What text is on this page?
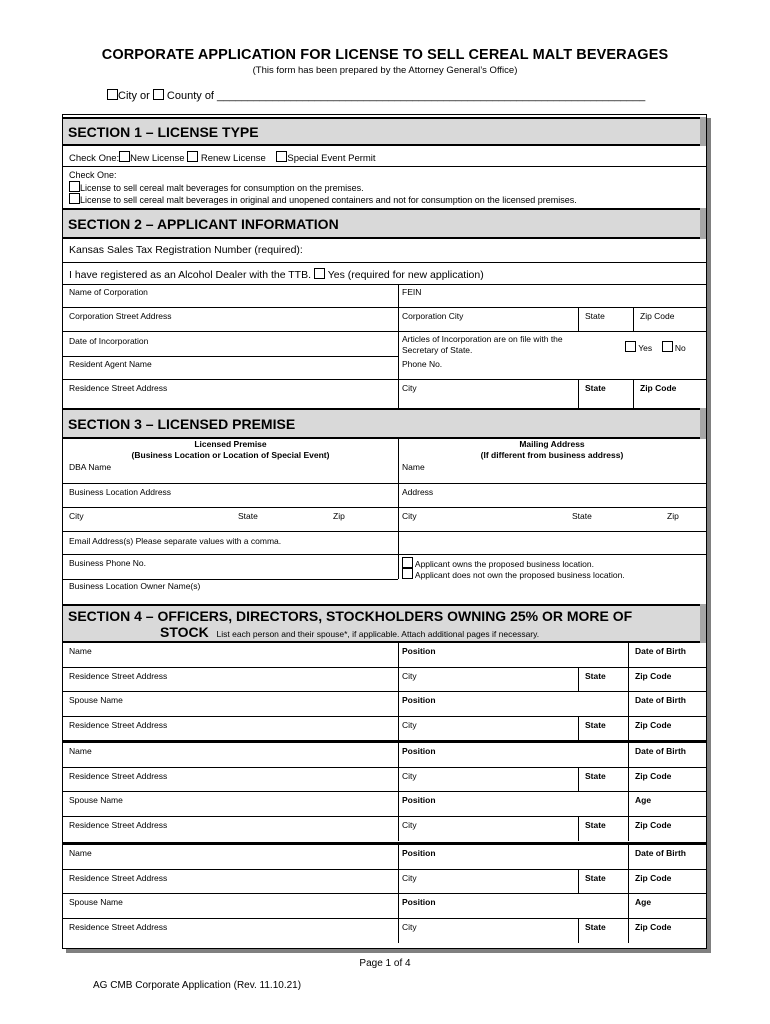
CORPORATE APPLICATION FOR LICENSE TO SELL CEREAL MALT BEVERAGES
(This form has been prepared by the Attorney General’s Office)
City or County of ______________________________________________________________________
SECTION 1 – LICENSE TYPE
Check One: New License Renew License Special Event Permit
Check One:
License to sell cereal malt beverages for consumption on the premises.
License to sell cereal malt beverages in original and unopened containers and not for consumption on the licensed premises.
SECTION 2 – APPLICANT INFORMATION
Kansas Sales Tax Registration Number (required):
I have registered as an Alcohol Dealer with the TTB. Yes (required for new application)
Name of Corporation	FEIN
Corporation Street Address	Corporation City	State	Zip Code
Date of Incorporation	Articles of Incorporation are on file with the
Secretary of State.	Yes	No
Resident Agent Name	Phone No.
Residence Street Address	City	State	Zip Code
SECTION 3 – LICENSED PREMISE
Licensed Premise
(Business Location or Location of Special Event)
Mailing Address
(If different from business address)
DBA Name	Name
Business Location Address	Address
City	State	Zip	City	State	Zip
Email Address(s) Please separate values with a comma.
Business Phone No.	Applicant owns the proposed business location.
Applicant does not own the proposed business location.
Business Location Owner Name(s)
SECTION 4 – OFFICERS, DIRECTORS, STOCKHOLDERS OWNING 25% OR MORE OF
STOCK List each person and their spouse*, if applicable. Attach additional pages if necessary.
Name	Position	Date of Birth
Residence Street Address	City	State	Zip Code
Spouse Name	Position	Date of Birth
Residence Street Address	City	State	Zip Code
Name	Position	Date of Birth
Residence Street Address	City	State	Zip Code
Spouse Name	Position	Age
Residence Street Address	City	State	Zip Code
Name	Position	Date of Birth
Residence Street Address	City	State	Zip Code
Spouse Name	Position	Age
Residence Street Address	City	State	Zip Code
Page 1 of 4
AG CMB Corporate Application (Rev. 11.10.21)
